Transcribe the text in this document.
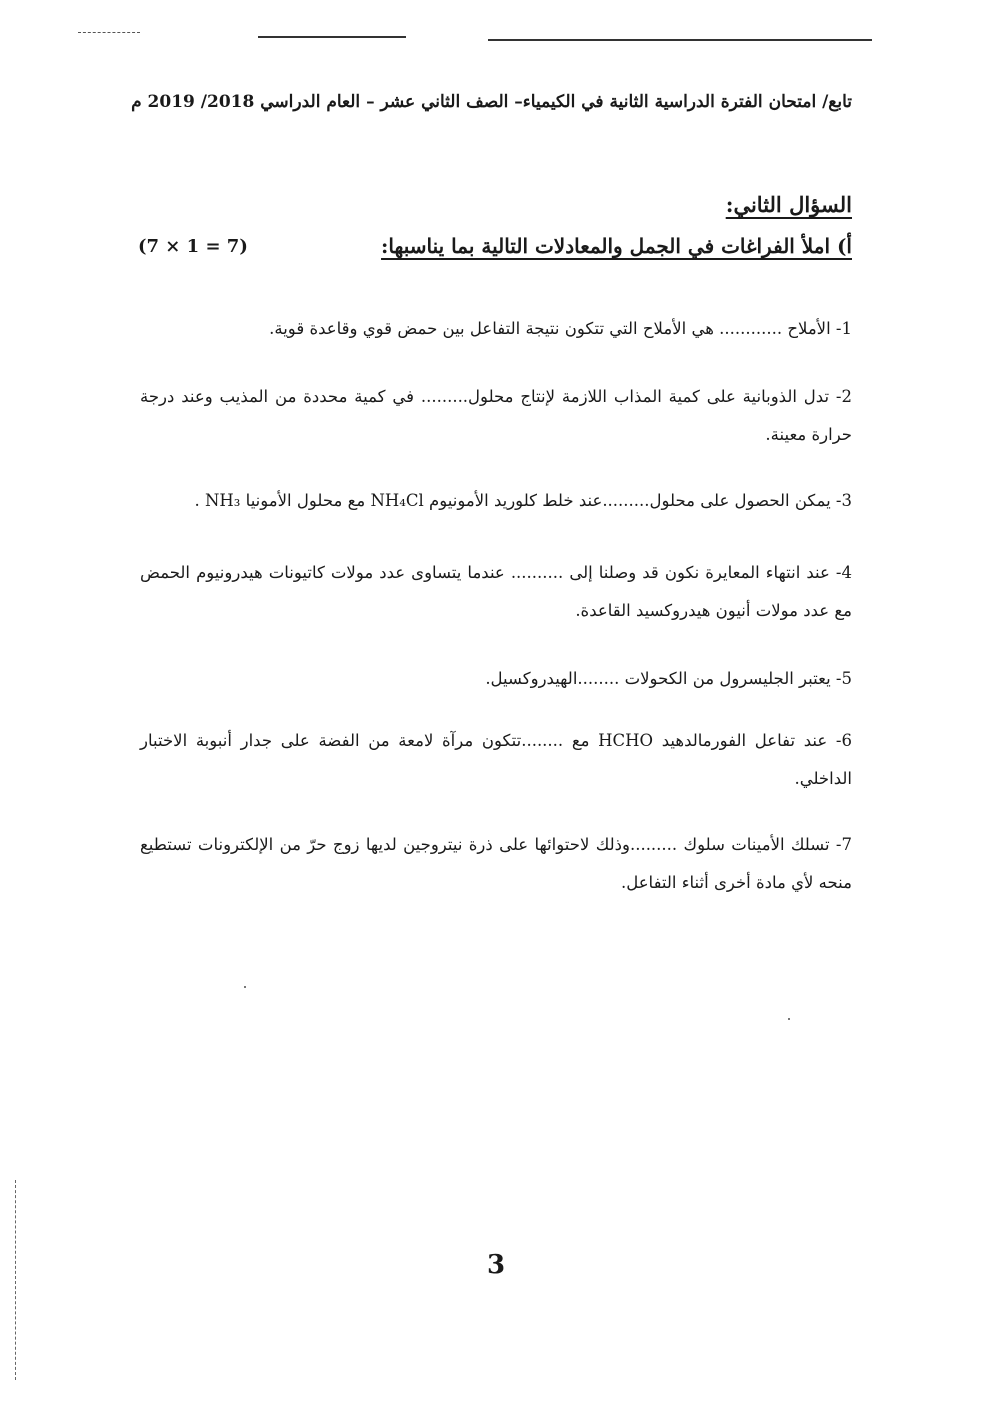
تابع/ امتحان الفترة الدراسية الثانية في الكيمياء– الصف الثاني عشر – العام الدراسي 2018/ 2019 م
السؤال الثاني:
أ) املأ الفراغات في الجمل والمعادلات التالية بما يناسبها:
(7 × 1 = 7)
1- الأملاح ............ هي الأملاح التي تتكون نتيجة التفاعل بين حمض قوي وقاعدة قوية.
2- تدل الذوبانية على كمية المذاب اللازمة لإنتاج محلول......... في كمية محددة من المذيب وعند درجة حرارة معينة.
3- يمكن الحصول على محلول.........عند خلط كلوريد الأمونيوم NH₄Cl مع محلول الأمونيا NH₃ .
4- عند انتهاء المعايرة نكون قد وصلنا إلى .......... عندما يتساوى عدد مولات كاتيونات هيدرونيوم الحمض مع عدد مولات أنيون هيدروكسيد القاعدة.
5- يعتبر الجليسرول من الكحولات ........الهيدروكسيل.
6- عند تفاعل الفورمالدهيد HCHO مع ........تتكون مرآة لامعة من الفضة على جدار أنبوبة الاختبار الداخلي.
7- تسلك الأمينات سلوك .........وذلك لاحتوائها على ذرة نيتروجين لديها زوج حرّ من الإلكترونات تستطيع منحه لأي مادة أخرى أثناء التفاعل.
3
